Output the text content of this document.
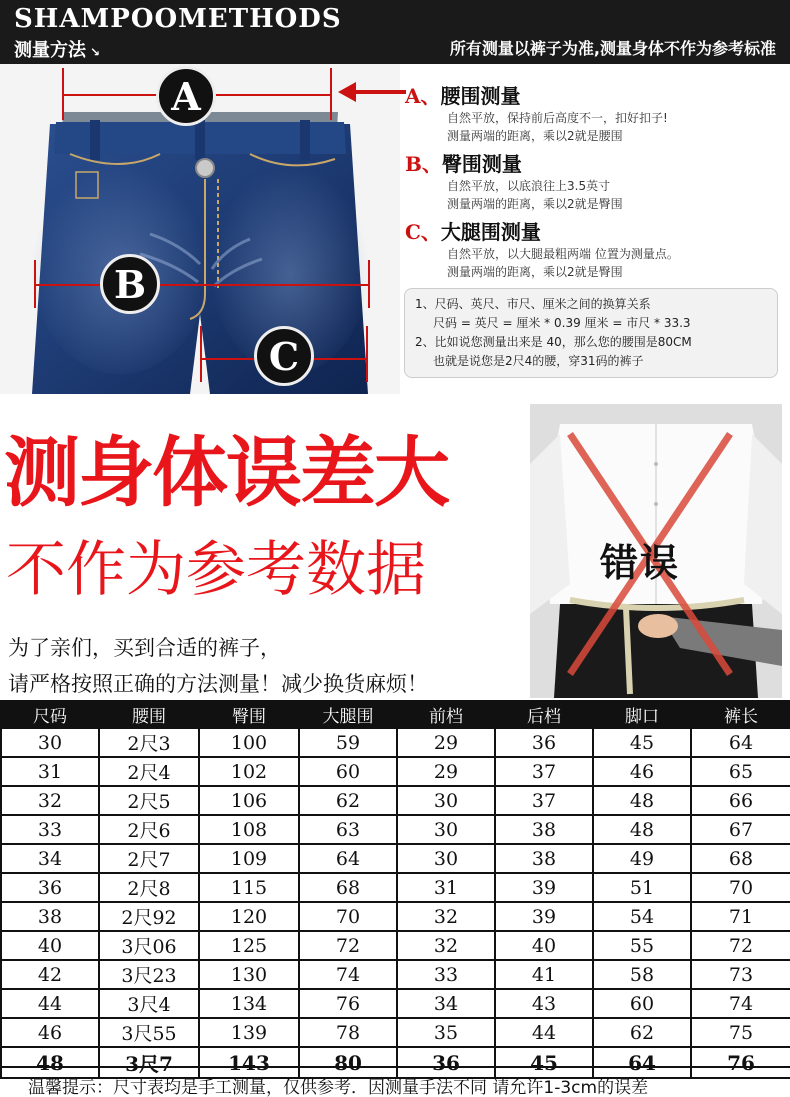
SHAMPOOMETHODS
测量方法 ↘	所有测量以裤子为准,测量身体不作为参考标准
A
B
C
A、腰围测量
自然平放，保持前后高度不一，扣好扣子!
测量两端的距离，乘以2就是腰围
B、臀围测量
自然平放，以底浪往上3.5英寸
测量两端的距离，乘以2就是臀围
C、大腿围测量
自然平放，以大腿最粗两端 位置为测量点。
测量两端的距离，乘以2就是臀围
1、尺码、英尺、市尺、厘米之间的换算关系
尺码 = 英尺 = 厘米 * 0.39 厘米 = 市尺 * 33.3
2、比如说您测量出来是 40，那么您的腰围是80CM
也就是说您是2尺4的腰，穿31码的裤子
测身体误差大
不作为参考数据
为了亲们，买到合适的裤子，
请严格按照正确的方法测量！减少换货麻烦！
错误
尺码	腰围	臀围	大腿围	前档	后档	脚口	裤长
30	2尺3	100	59	29	36	45	64
31	2尺4	102	60	29	37	46	65
32	2尺5	106	62	30	37	48	66
33	2尺6	108	63	30	38	48	67
34	2尺7	109	64	30	38	49	68
36	2尺8	115	68	31	39	51	70
38	2尺92	120	70	32	39	54	71
40	3尺06	125	72	32	40	55	72
42	3尺23	130	74	33	41	58	73
44	3尺4	134	76	34	43	60	74
46	3尺55	139	78	35	44	62	75
48	3尺7	143	80	36	45	64	76
温馨提示：尺寸表均是手工测量，仅供参考．因测量手法不同 请允许1-3cm的误差
